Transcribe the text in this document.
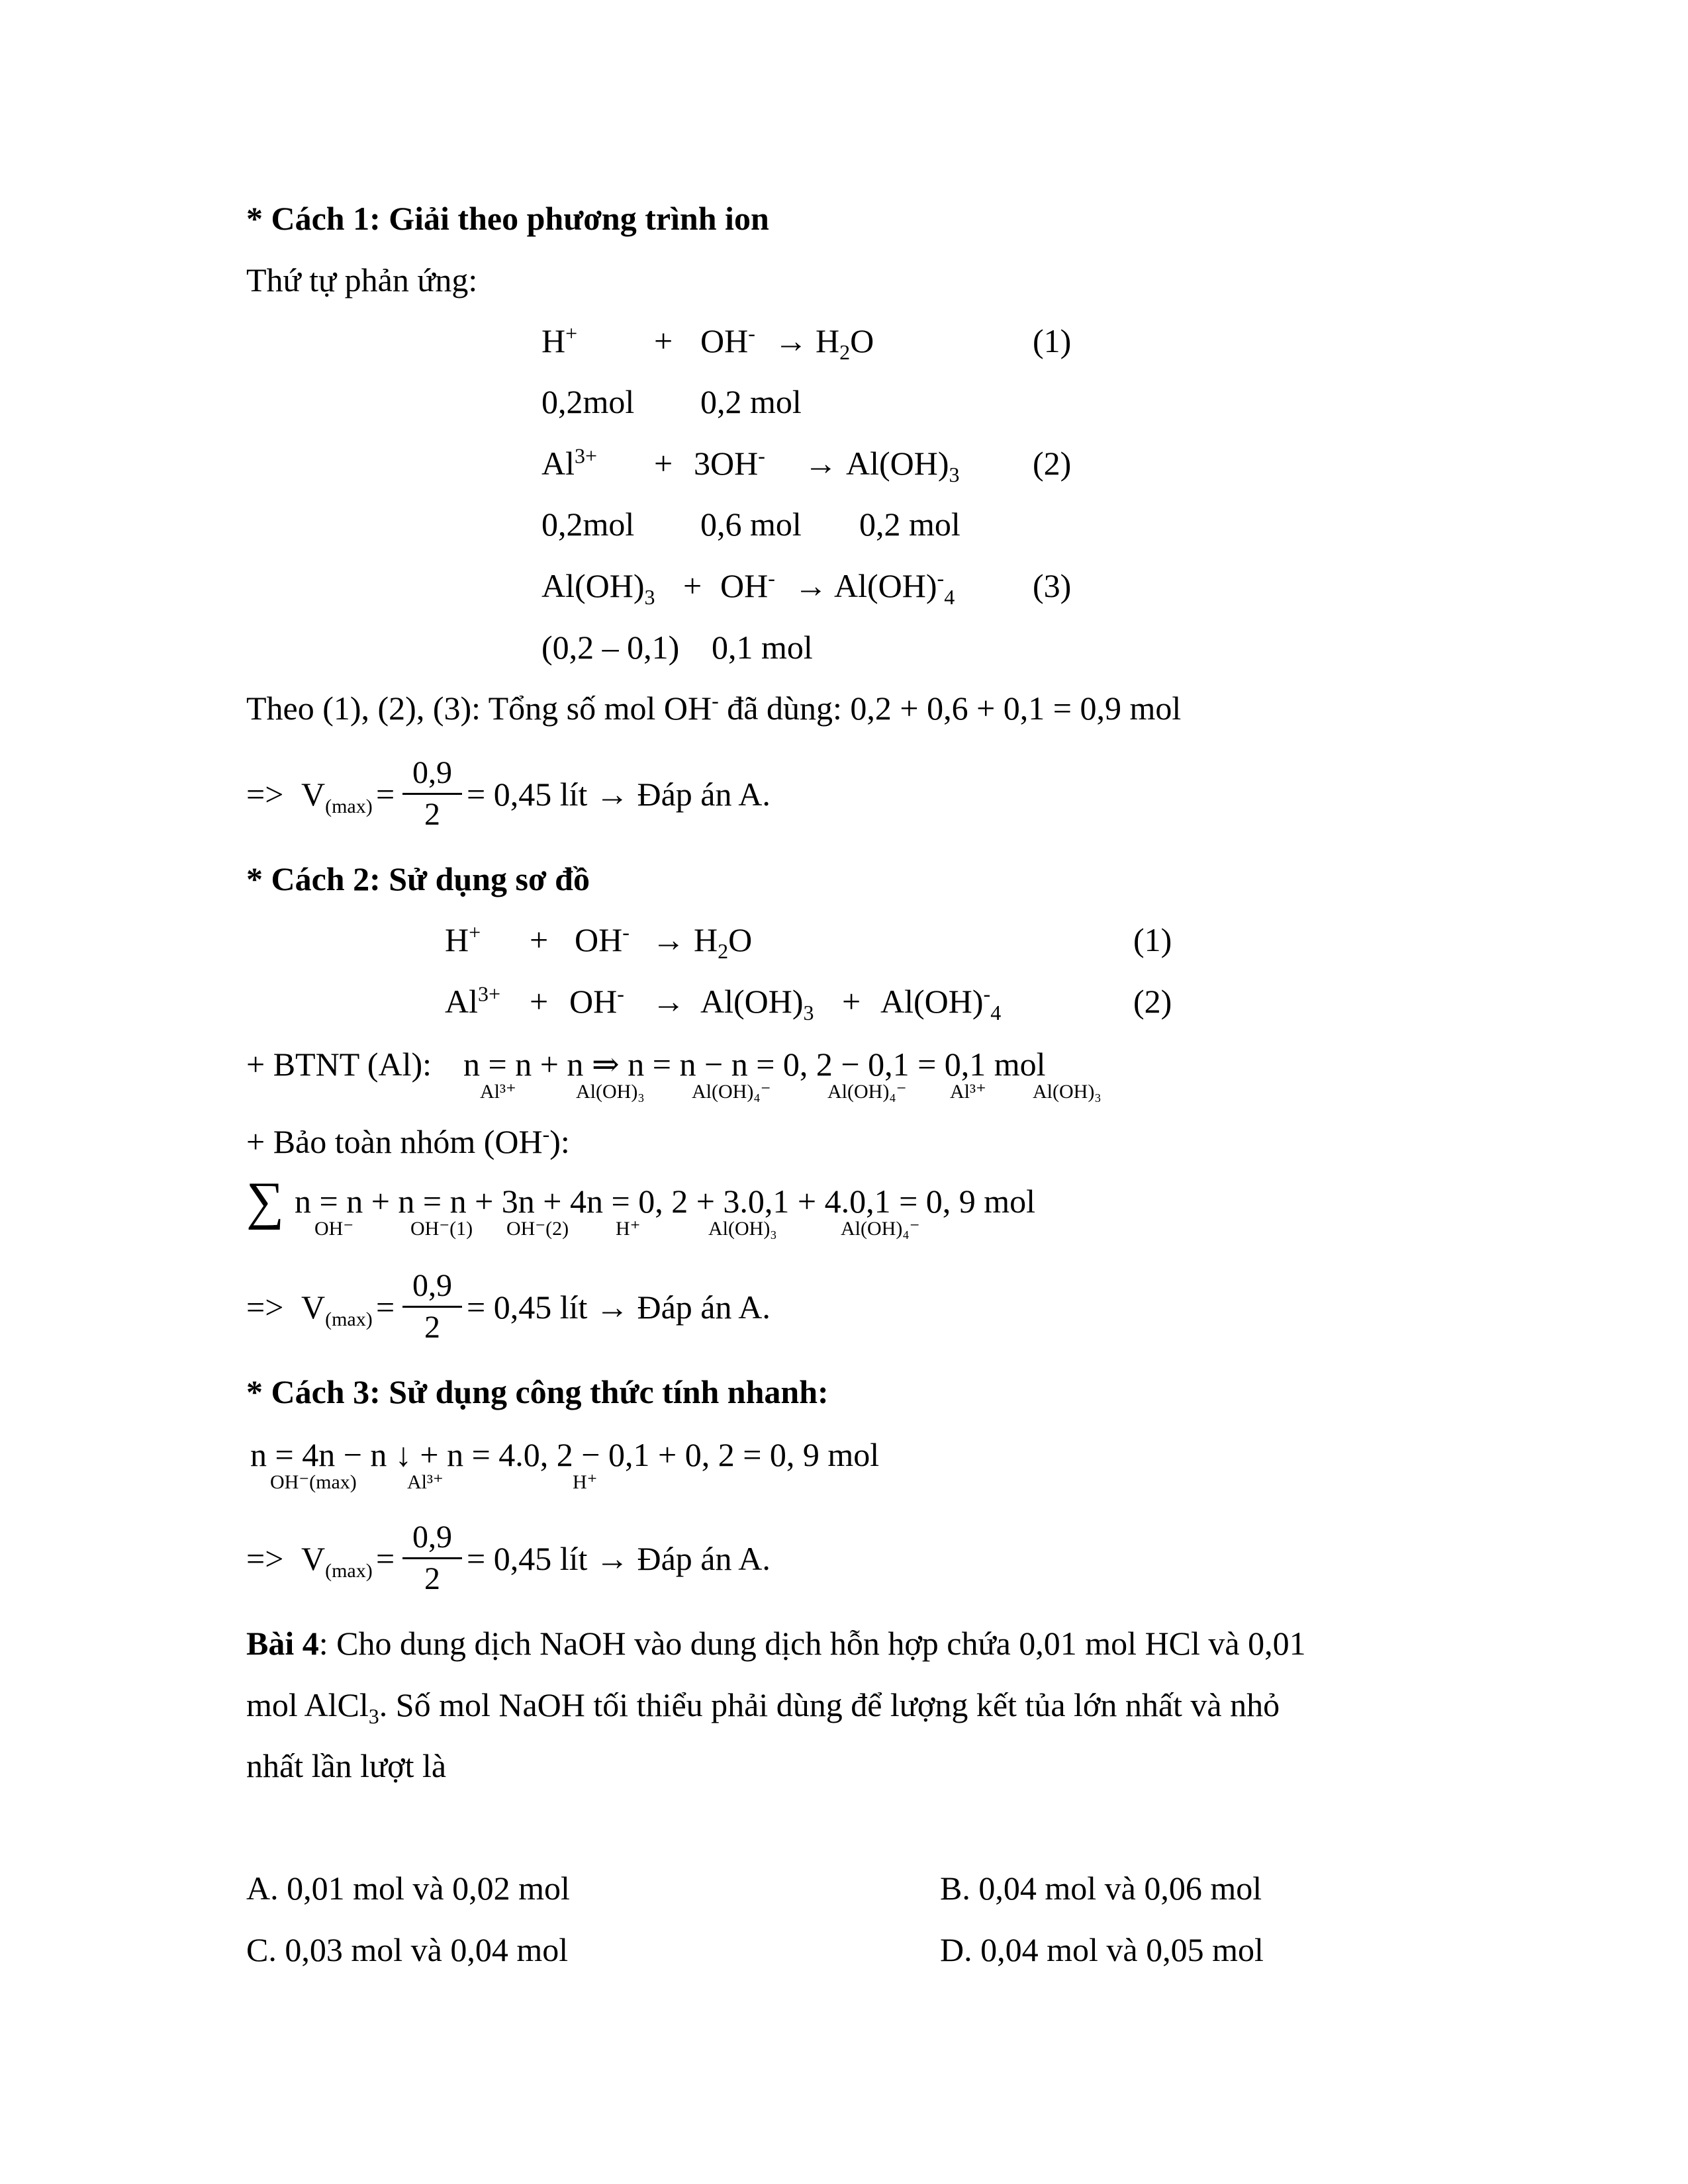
* Cách 1: Giải theo phương trình ion
Thứ tự phản ứng:
$H^+ + OH^- \to H_2O$	(1)
0,2mol 0,2 mol
$Al^{3+} + 3OH^- \to Al(OH)_3$ (2)
0,2mol 0,6 mol 0,2 mol
$Al(OH)_3 + OH^- \to Al(OH)^-_4$ (3)
(0,2 – 0,1) 0,1 mol
Theo (1), (2), (3): Tổng số mol OH- đã dùng: 0,2 + 0,6 + 0,1 = 0,9 mol
=> $V_{(max)}$ =
0,9
2
= 0,45 lít → Đáp án A.
* Cách 2: Sử dụng sơ đồ
$H^+ + OH^- \to H_2O$	(1)
$Al^{3+} + OH^- \to Al(OH)_3 + Al(OH)^-_4$	(2)
+ BTNT (Al): n = n + n ⇒ n = n − n = 0, 2 − 0,1 = 0,1 mol
Al³⁺	Al(OH)₃ Al(OH)₄⁻	Al(OH)₄⁻ Al³⁺ Al(OH)₃
+ Bảo toàn nhóm (OH-):
∑ n = n + n = n + 3n + 4n = 0, 2 + 3.0,1 + 4.0,1 = 0, 9 mol
OH⁻	OH⁻(1) OH⁻(2) H⁺	Al(OH)₃	Al(OH)₄⁻
=> $V_{(max)}$ =
0,9
2
= 0,45 lít → Đáp án A.
* Cách 3: Sử dụng công thức tính nhanh:
n = 4n − n ↓ + n = 4.0, 2 − 0,1 + 0, 2 = 0, 9 mol
OH⁻(max)	Al³⁺	H⁺
=> $V_{(max)}$ =
0,9
2
= 0,45 lít → Đáp án A.
Bài 4: Cho dung dịch NaOH vào dung dịch hỗn hợp chứa 0,01 mol HCl và 0,01
mol AlCl$_3$. Số mol NaOH tối thiểu phải dùng để lượng kết tủa lớn nhất và nhỏ
nhất lần lượt là
A. 0,01 mol và 0,02 mol	B. 0,04 mol và 0,06 mol
C. 0,03 mol và 0,04 mol	D. 0,04 mol và 0,05 mol
